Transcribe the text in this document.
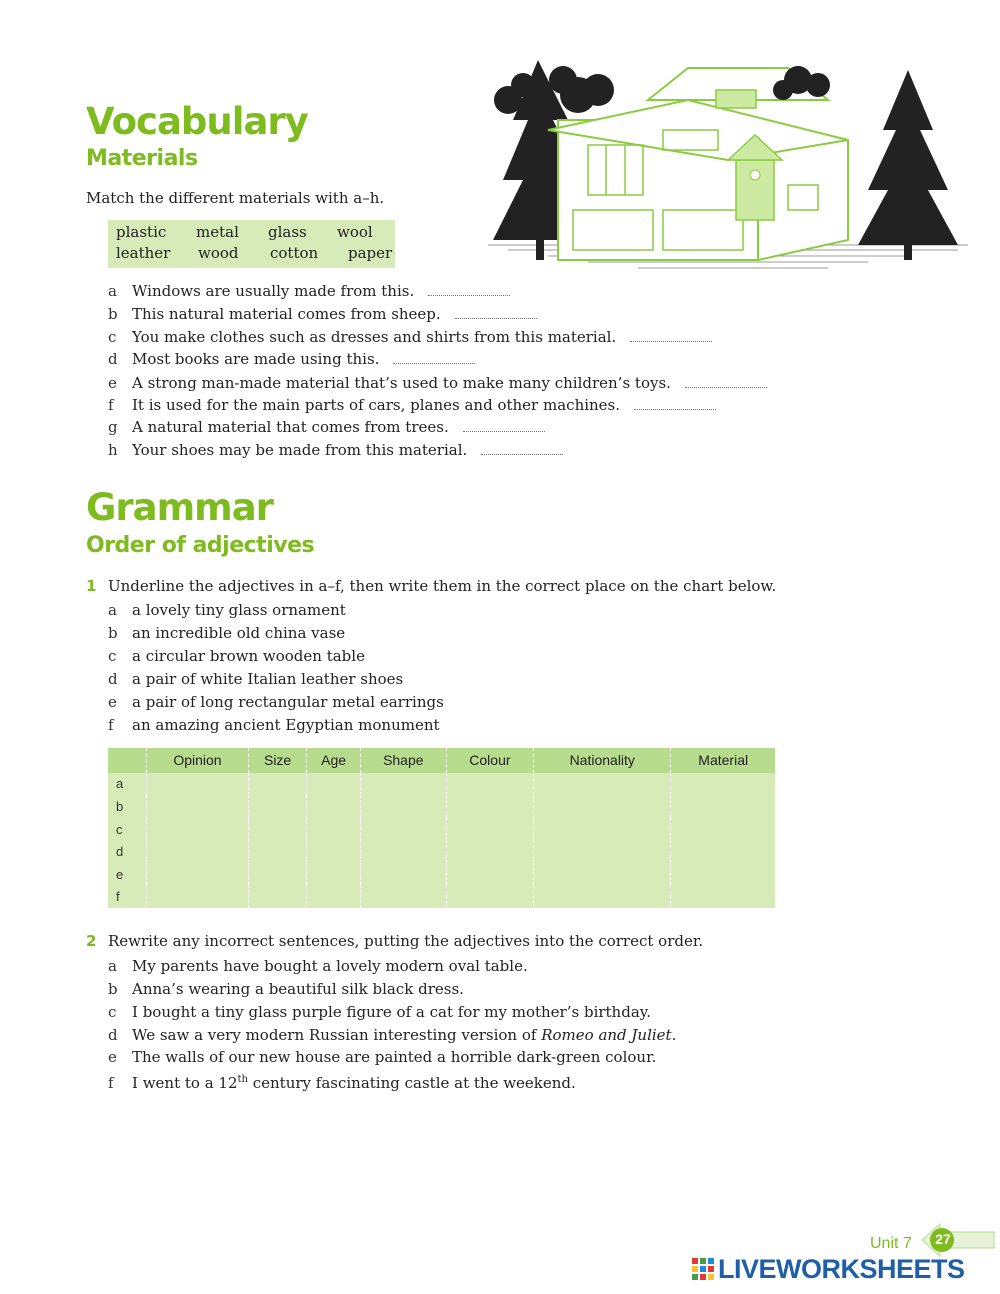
Vocabulary
Materials
Match the different materials with a–h.
plastic metal glass wool
leather wood cotton paper
a Windows are usually made from this.
b This natural material comes from sheep.
c You make clothes such as dresses and shirts from this material.
d Most books are made using this.
e A strong man-made material that’s used to make many children’s toys.
f It is used for the main parts of cars, planes and other machines.
g A natural material that comes from trees.
h Your shoes may be made from this material.
Grammar
Order of adjectives
1 Underline the adjectives in a–f, then write them in the correct place on the chart below.
a a lovely tiny glass ornament
b an incredible old china vase
c a circular brown wooden table
d a pair of white Italian leather shoes
e a pair of long rectangular metal earrings
f an amazing ancient Egyptian monument
	Opinion	Size	Age	Shape	Colour	Nationality	Material
a							
b							
c							
d							
e							
f							
2 Rewrite any incorrect sentences, putting the adjectives into the correct order.
a My parents have bought a lovely modern oval table.
b Anna’s wearing a beautiful silk black dress.
c I bought a tiny glass purple figure of a cat for my mother’s birthday.
d We saw a very modern Russian interesting version of Romeo and Juliet.
e The walls of our new house are painted a horrible dark-green colour.
f I went to a 12th century fascinating castle at the weekend.
Unit 7 27
LIVEWORKSHEETS
